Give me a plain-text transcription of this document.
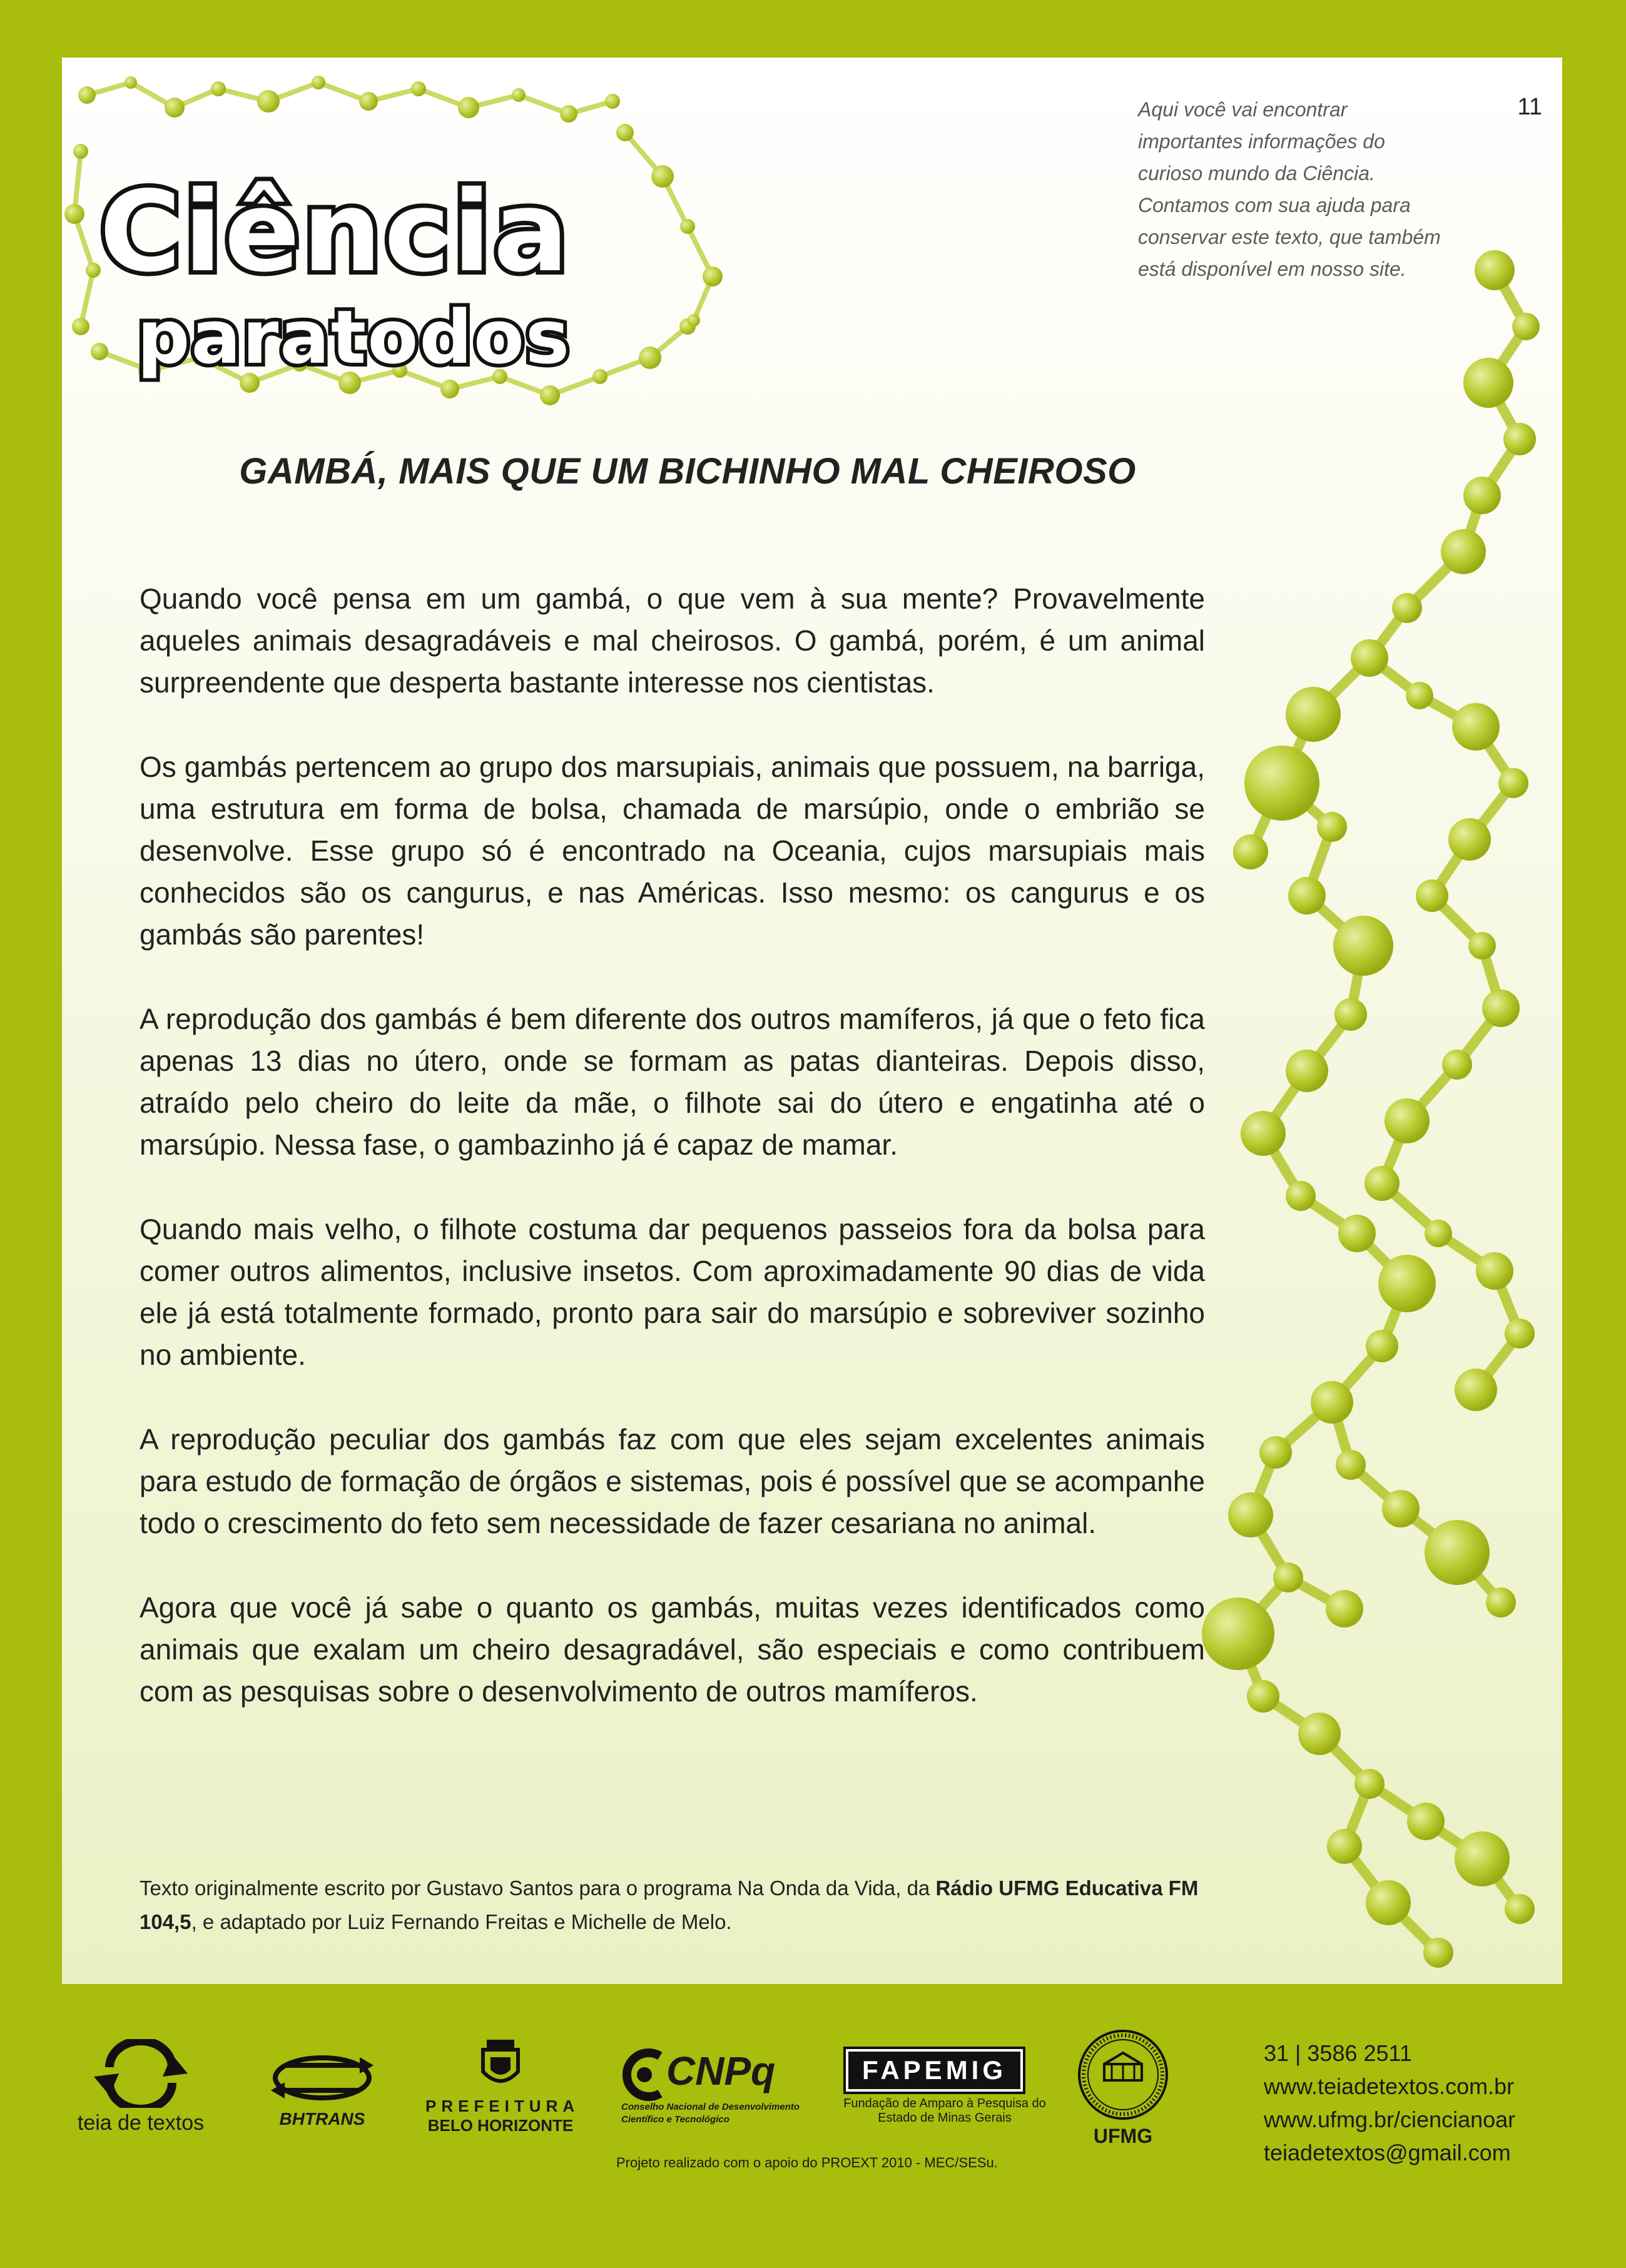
Ciência
paratodos
11
Aqui você vai encontrar
importantes informações do
curioso mundo da Ciência.
Contamos com sua ajuda para
conservar este texto, que também
está disponível em nosso site.
GAMBÁ, MAIS QUE UM BICHINHO MAL CHEIROSO

Quando você pensa em um gambá, o que vem à sua mente? Provavelmente aqueles animais desagradáveis e mal cheirosos. O gambá, porém, é um animal surpreendente que desperta bastante interesse nos cientistas.

Os gambás pertencem ao grupo dos marsupiais, animais que possuem, na barriga, uma estrutura em forma de bolsa, chamada de marsúpio, onde o embrião se desenvolve. Esse grupo só é encontrado na Oceania, cujos marsupiais mais conhecidos são os cangurus, e nas Américas. Isso mesmo: os cangurus e os gambás são parentes!

A reprodução dos gambás é bem diferente dos outros mamíferos, já que o feto fica apenas 13 dias no útero, onde se formam as patas dianteiras. Depois disso, atraído pelo cheiro do leite da mãe, o filhote sai do útero e engatinha até o marsúpio. Nessa fase, o gambazinho já é capaz de mamar.

Quando mais velho, o filhote costuma dar pequenos passeios fora da bolsa para comer outros alimentos, inclusive insetos. Com aproximadamente 90 dias de vida ele já está totalmente formado, pronto para sair do marsúpio e sobreviver sozinho no ambiente.

A reprodução peculiar dos gambás faz com que eles sejam excelentes animais para estudo de formação de órgãos e sistemas, pois é possível que se acompanhe todo o crescimento do feto sem necessidade de fazer cesariana no animal.

Agora que você já sabe o quanto os gambás, muitas vezes identificados como animais que exalam um cheiro desagradável, são especiais e como contribuem com as pesquisas sobre o desenvolvimento de outros mamíferos.

Texto originalmente escrito por Gustavo Santos para o programa Na Onda da Vida, da Rádio UFMG Educativa FM 104,5, e adaptado por Luiz Fernando Freitas e Michelle de Melo.
teia de textos	BHTRANS
PREFEITURA
BELO HORIZONTE
CNPq
Conselho Nacional de Desenvolvimento
Científico e Tecnológico
FAPEMIG
Fundação de Amparo à Pesquisa do
Estado de Minas Gerais
UFMG
Projeto realizado com o apoio do PROEXT 2010 - MEC/SESu.
31 | 3586 2511
www.teiadetextos.com.br
www.ufmg.br/ciencianoar
teiadetextos@gmail.com
